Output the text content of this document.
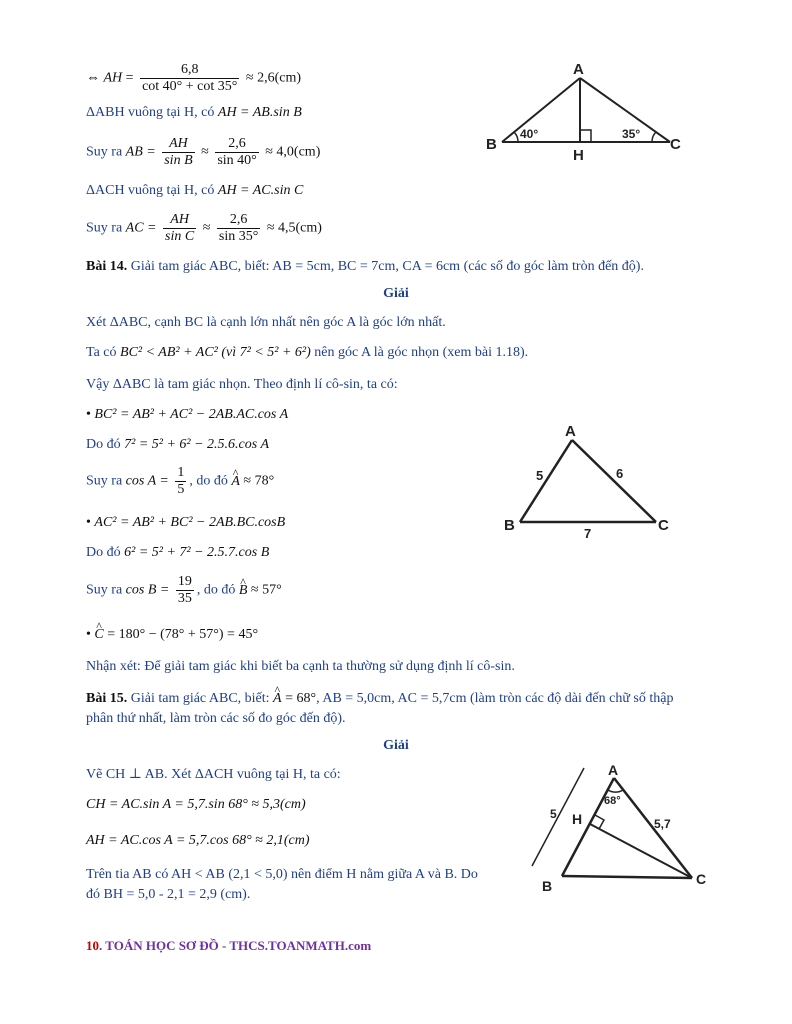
⇔ AH = $\frac{6,8}{\cot 40^\circ + \cot 35^\circ} \approx 2,6(cm)$
ΔABH vuông tại H, có AH = AB.sin B
Suy ra AB = $\frac{AH}{\text{sin B}} \approx \frac{2,6}{\sin 40^\circ} \approx 4,0(cm)$
ΔACH vuông tại H, có AH = AC.sin C
Suy ra AC = $\frac{AH}{\text{sin C}} \approx \frac{2,6}{\sin 35^\circ} \approx 4,5(cm)$
Bài 14. Giải tam giác ABC, biết: AB = 5cm, BC = 7cm, CA = 6cm (các số đo góc làm tròn đến độ).
Giải
Xét ΔABC, cạnh BC là cạnh lớn nhất nên góc A là góc lớn nhất.
Ta có BC² < AB² + AC² (vì 7² < 5² + 6²) nên góc A là góc nhọn (xem bài 1.18).
Vậy ΔABC là tam giác nhọn. Theo định lí cô-sin, ta có:
• BC² = AB² + AC² − 2AB.AC.cos A
Do đó 7² = 5² + 6² − 2.5.6.cos A
Suy ra $\cos A = \frac{1}{5}$ , do đó ^ A ≈ 78°
• AC² = AB² + BC² − 2AB.BC.cosB
Do đó 6² = 5² + 7² − 2.5.7.cos B
Suy ra $\cos B = \frac{19}{35}$ , do đó ^ B ≈ 57°
• ^ C = 180° − (78° + 57°) = 45°
Nhận xét: Để giải tam giác khi biết ba cạnh ta thường sử dụng định lí cô-sin.
Bài 15. Giải tam giác ABC, biết: ^ A = 68°, AB = 5,0cm, AC = 5,7cm (làm tròn các độ dài đến chữ số thập
phân thứ nhất, làm tròn các số đo góc đến độ).
Giải
Vẽ CH ⊥ AB. Xét ΔACH vuông tại H, ta có:
CH = AC.sin A = 5,7.sin 68° ≈ 5,3(cm)
AH = AC.cos A = 5,7.cos 68° ≈ 2,1(cm)
Trên tia AB có AH < AB (2,1 < 5,0) nên điểm H nằm giữa A và B. Do
đó BH = 5,0 - 2,1 = 2,9 (cm).
A
B	C
H
40°	35°
A
B	C
5	6
7
A
B	C
H
5
5,7
68°
10. TOÁN HỌC SƠ ĐỒ - THCS.TOANMATH.com
